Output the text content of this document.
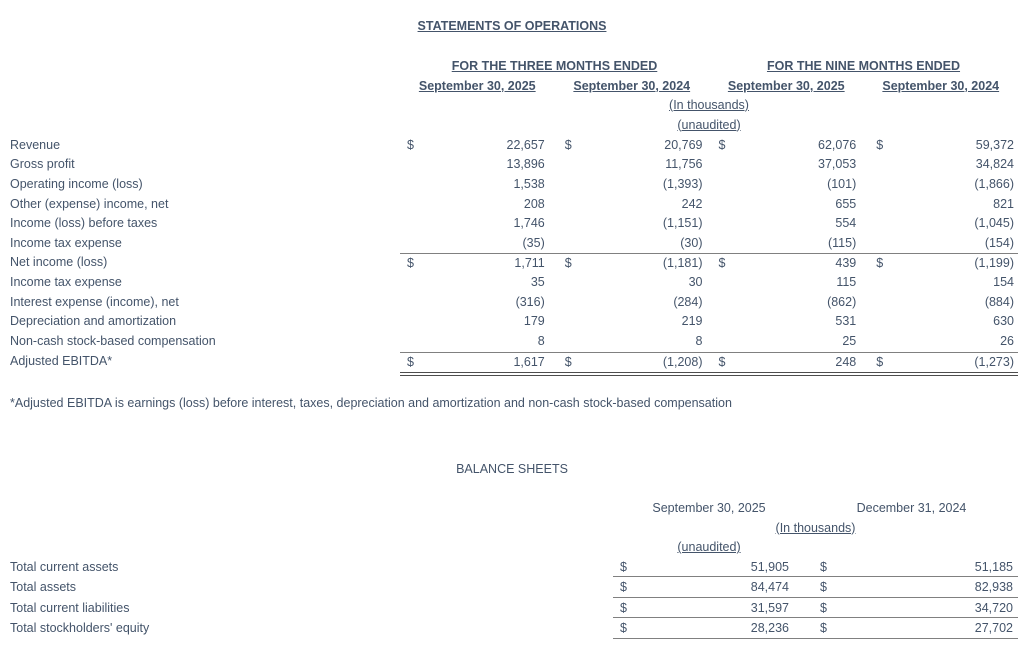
STATEMENTS OF OPERATIONS
FOR THE THREE MONTHS ENDED	FOR THE NINE MONTHS ENDED
September 30, 2025	September 30, 2024	September 30, 2025	September 30, 2024
(In thousands)
(unaudited)
Revenue	$	22,657 $	20,769 $	62,076 $	59,372
Gross profit	13,896	11,756	37,053	34,824
Operating income (loss)	1,538	(1,393)	(101)	(1,866)
Other (expense) income, net	208	242	655	821
Income (loss) before taxes	1,746	(1,151)	554	(1,045)
Income tax expense	(35)	(30)	(115)	(154)
Net income (loss)	$	1,711 $	(1,181) $	439 $	(1,199)
Income tax expense	35	30	115	154
Interest expense (income), net	(316)	(284)	(862)	(884)
Depreciation and amortization	179	219	531	630
Non-cash stock-based compensation	8	8	25	26
Adjusted EBITDA*	$	1,617 $	(1,208) $	248 $	(1,273)
*Adjusted EBITDA is earnings (loss) before interest, taxes, depreciation and amortization and non-cash stock-based compensation
BALANCE SHEETS
September 30, 2025	December 31, 2024
(In thousands)
(unaudited)
Total current assets	$	51,905 $	51,185
Total assets	$	84,474 $	82,938
Total current liabilities	$	31,597 $	34,720
Total stockholders' equity	$	28,236 $	27,702
